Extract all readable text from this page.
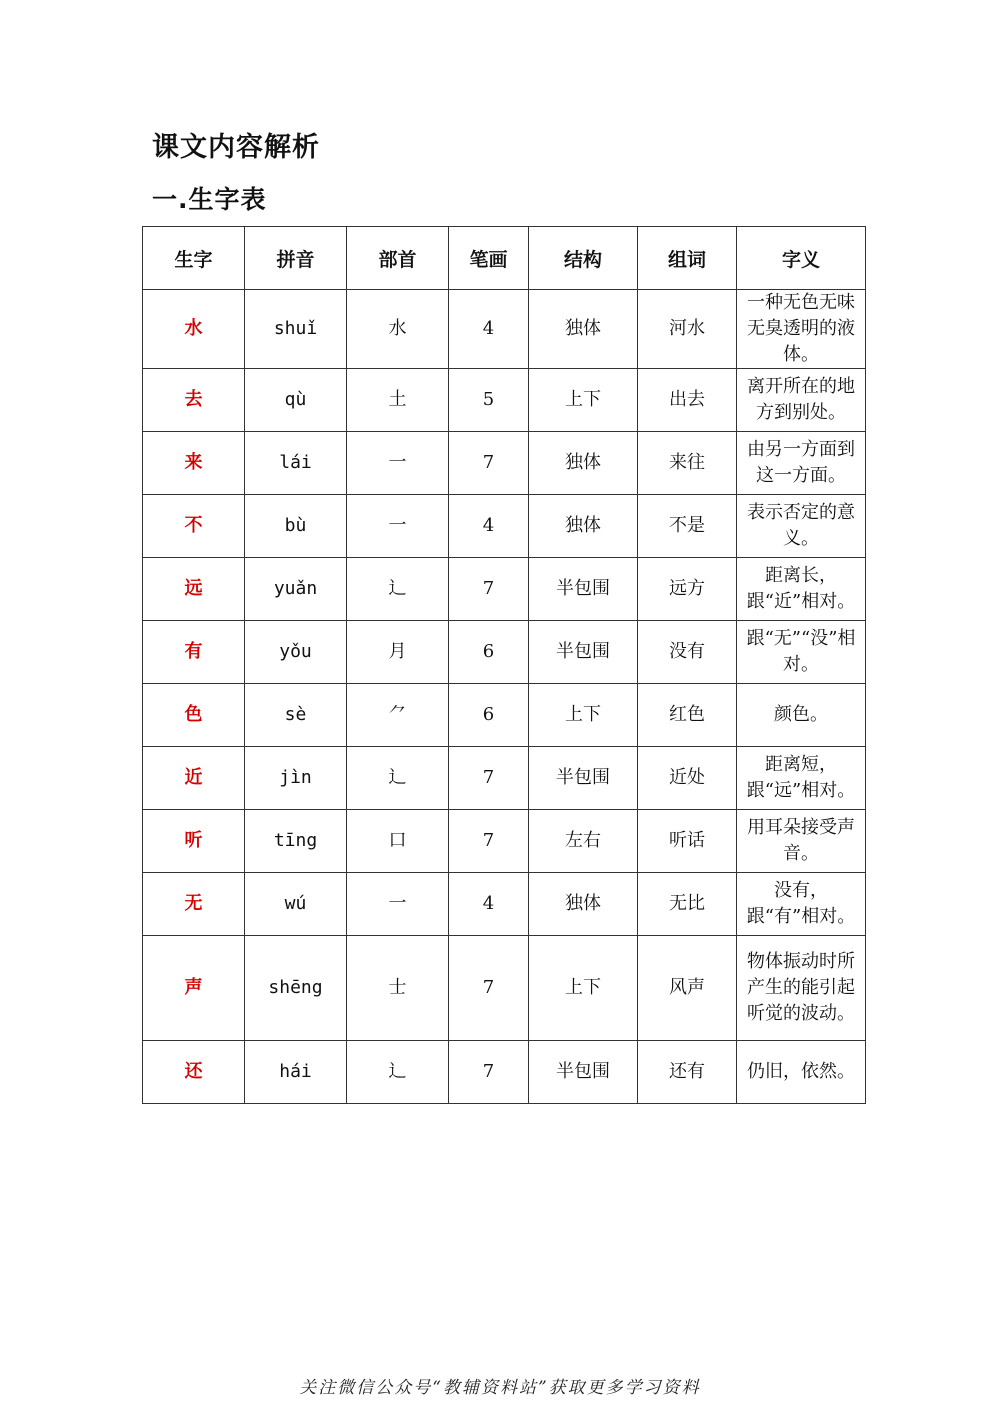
课文内容解析
一.生字表
生字	拼音	部首	笔画	结构	组词	字义
水	shuǐ	水	4	独体	河水	一种无色无味无臭透明的液体。
去	qù	土	5	上下	出去	离开所在的地方到别处。
来	lái	一	7	独体	来往	由另一方面到这一方面。
不	bù	一	4	独体	不是	表示否定的意义。
远	yuǎn	辶	7	半包围	远方	距离长，跟“近”相对。
有	yǒu	月	6	半包围	没有	跟“无”“没”相对。
色	sè	⺈	6	上下	红色	颜色。
近	jìn	辶	7	半包围	近处	距离短，跟“远”相对。
听	tīng	口	7	左右	听话	用耳朵接受声音。
无	wú	一	4	独体	无比	没有，跟“有”相对。
声	shēng	士	7	上下	风声	物体振动时所产生的能引起听觉的波动。
还	hái	辶	7	半包围	还有	仍旧，依然。
关注微信公众号“教辅资料站”获取更多学习资料
